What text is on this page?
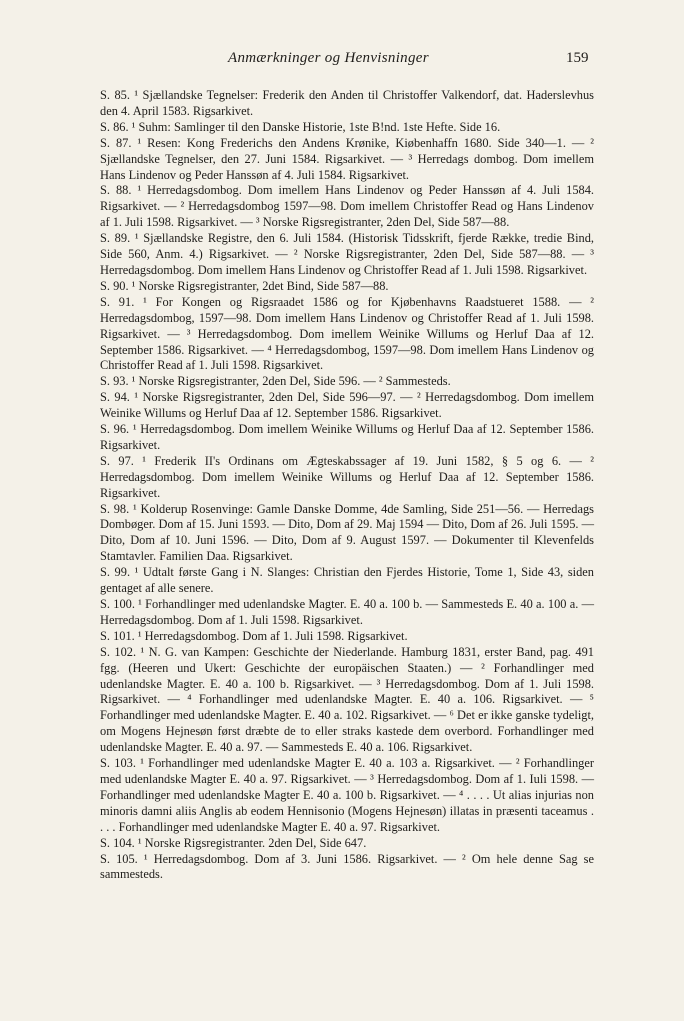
Anmærkninger og Henvisninger	159

S. 85. ¹ Sjællandske Tegnelser: Frederik den Anden til Christoffer Valkendorf, dat. Haderslevhus den 4. April 1583. Rigsarkivet.

S. 86. ¹ Suhm: Samlinger til den Danske Historie, 1ste B!nd. 1ste Hefte. Side 16.

S. 87. ¹ Resen: Kong Frederichs den Andens Krønike, Kiøbenhaffn 1680. Side 340—1. — ² Sjællandske Tegnelser, den 27. Juni 1584. Rigsarkivet. — ³ Herredags dombog. Dom imellem Hans Lindenov og Peder Hanssøn af 4. Juli 1584. Rigsarkivet.

S. 88. ¹ Herredagsdombog. Dom imellem Hans Lindenov og Peder Hanssøn af 4. Juli 1584. Rigsarkivet. — ² Herredagsdombog 1597—98. Dom imellem Christoffer Read og Hans Lindenov af 1. Juli 1598. Rigsarkivet. — ³ Norske Rigsregistranter, 2den Del, Side 587—88.

S. 89. ¹ Sjællandske Registre, den 6. Juli 1584. (Historisk Tidsskrift, fjerde Række, tredie Bind, Side 560, Anm. 4.) Rigsarkivet. — ² Norske Rigsregistranter, 2den Del, Side 587—88. — ³ Herredagsdombog. Dom imellem Hans Lindenov og Christoffer Read af 1. Juli 1598. Rigsarkivet.

S. 90. ¹ Norske Rigsregistranter, 2det Bind, Side 587—88.

S. 91. ¹ For Kongen og Rigsraadet 1586 og for Kjøbenhavns Raadstueret 1588. — ² Herredagsdombog, 1597—98. Dom imellem Hans Lindenov og Christoffer Read af 1. Juli 1598. Rigsarkivet. — ³ Herredagsdombog. Dom imellem Weinike Willums og Herluf Daa af 12. September 1586. Rigsarkivet. — ⁴ Herredagsdombog, 1597—98. Dom imellem Hans Lindenov og Christoffer Read af 1. Juli 1598. Rigsarkivet.

S. 93. ¹ Norske Rigsregistranter, 2den Del, Side 596. — ² Sammesteds.

S. 94. ¹ Norske Rigsregistranter, 2den Del, Side 596—97. — ² Herredagsdombog. Dom imellem Weinike Willums og Herluf Daa af 12. September 1586. Rigsarkivet.

S. 96. ¹ Herredagsdombog. Dom imellem Weinike Willums og Herluf Daa af 12. September 1586. Rigsarkivet.

S. 97. ¹ Frederik II's Ordinans om Ægteskabssager af 19. Juni 1582, § 5 og 6. — ² Herredagsdombog. Dom imellem Weinike Willums og Herluf Daa af 12. September 1586. Rigsarkivet.

S. 98. ¹ Kolderup Rosenvinge: Gamle Danske Domme, 4de Samling, Side 251—56. — Herredags Dombøger. Dom af 15. Juni 1593. — Dito, Dom af 29. Maj 1594 — Dito, Dom af 26. Juli 1595. — Dito, Dom af 10. Juni 1596. — Dito, Dom af 9. August 1597. — Dokumenter til Klevenfelds Stamtavler. Familien Daa. Rigsarkivet.

S. 99. ¹ Udtalt første Gang i N. Slanges: Christian den Fjerdes Historie, Tome 1, Side 43, siden gentaget af alle senere.

S. 100. ¹ Forhandlinger med udenlandske Magter. E. 40 a. 100 b. — Sammesteds E. 40 a. 100 a. — Herredagsdombog. Dom af 1. Juli 1598. Rigsarkivet.

S. 101. ¹ Herredagsdombog. Dom af 1. Juli 1598. Rigsarkivet.

S. 102. ¹ N. G. van Kampen: Geschichte der Niederlande. Hamburg 1831, erster Band, pag. 491 fgg. (Heeren und Ukert: Geschichte der europäischen Staaten.) — ² Forhandlinger med udenlandske Magter. E. 40 a. 100 b. Rigsarkivet. — ³ Herredagsdombog. Dom af 1. Juli 1598. Rigsarkivet. — ⁴ Forhandlinger med udenlandske Magter. E. 40 a. 106. Rigsarkivet. — ⁵ Forhandlinger med udenlandske Magter. E. 40 a. 102. Rigsarkivet. — ⁶ Det er ikke ganske tydeligt, om Mogens Hejnesøn først dræbte de to eller straks kastede dem overbord. Forhandlinger med udenlandske Magter. E. 40 a. 97. — Sammesteds E. 40 a. 106. Rigsarkivet.

S. 103. ¹ Forhandlinger med udenlandske Magter E. 40 a. 103 a. Rigsarkivet. — ² Forhandlinger med udenlandske Magter E. 40 a. 97. Rigsarkivet. — ³ Herredagsdombog. Dom af 1. Iuli 1598. — Forhandlinger med udenlandske Magter E. 40 a. 100 b. Rigsarkivet. — ⁴ . . . . Ut alias injurias non minoris damni aliis Anglis ab eodem Hennisonio (Mogens Hejnesøn) illatas in præsenti taceamus . . . . Forhandlinger med udenlandske Magter E. 40 a. 97. Rigsarkivet.

S. 104. ¹ Norske Rigsregistranter. 2den Del, Side 647.

S. 105. ¹ Herredagsdombog. Dom af 3. Juni 1586. Rigsarkivet. — ² Om hele denne Sag se sammesteds.
